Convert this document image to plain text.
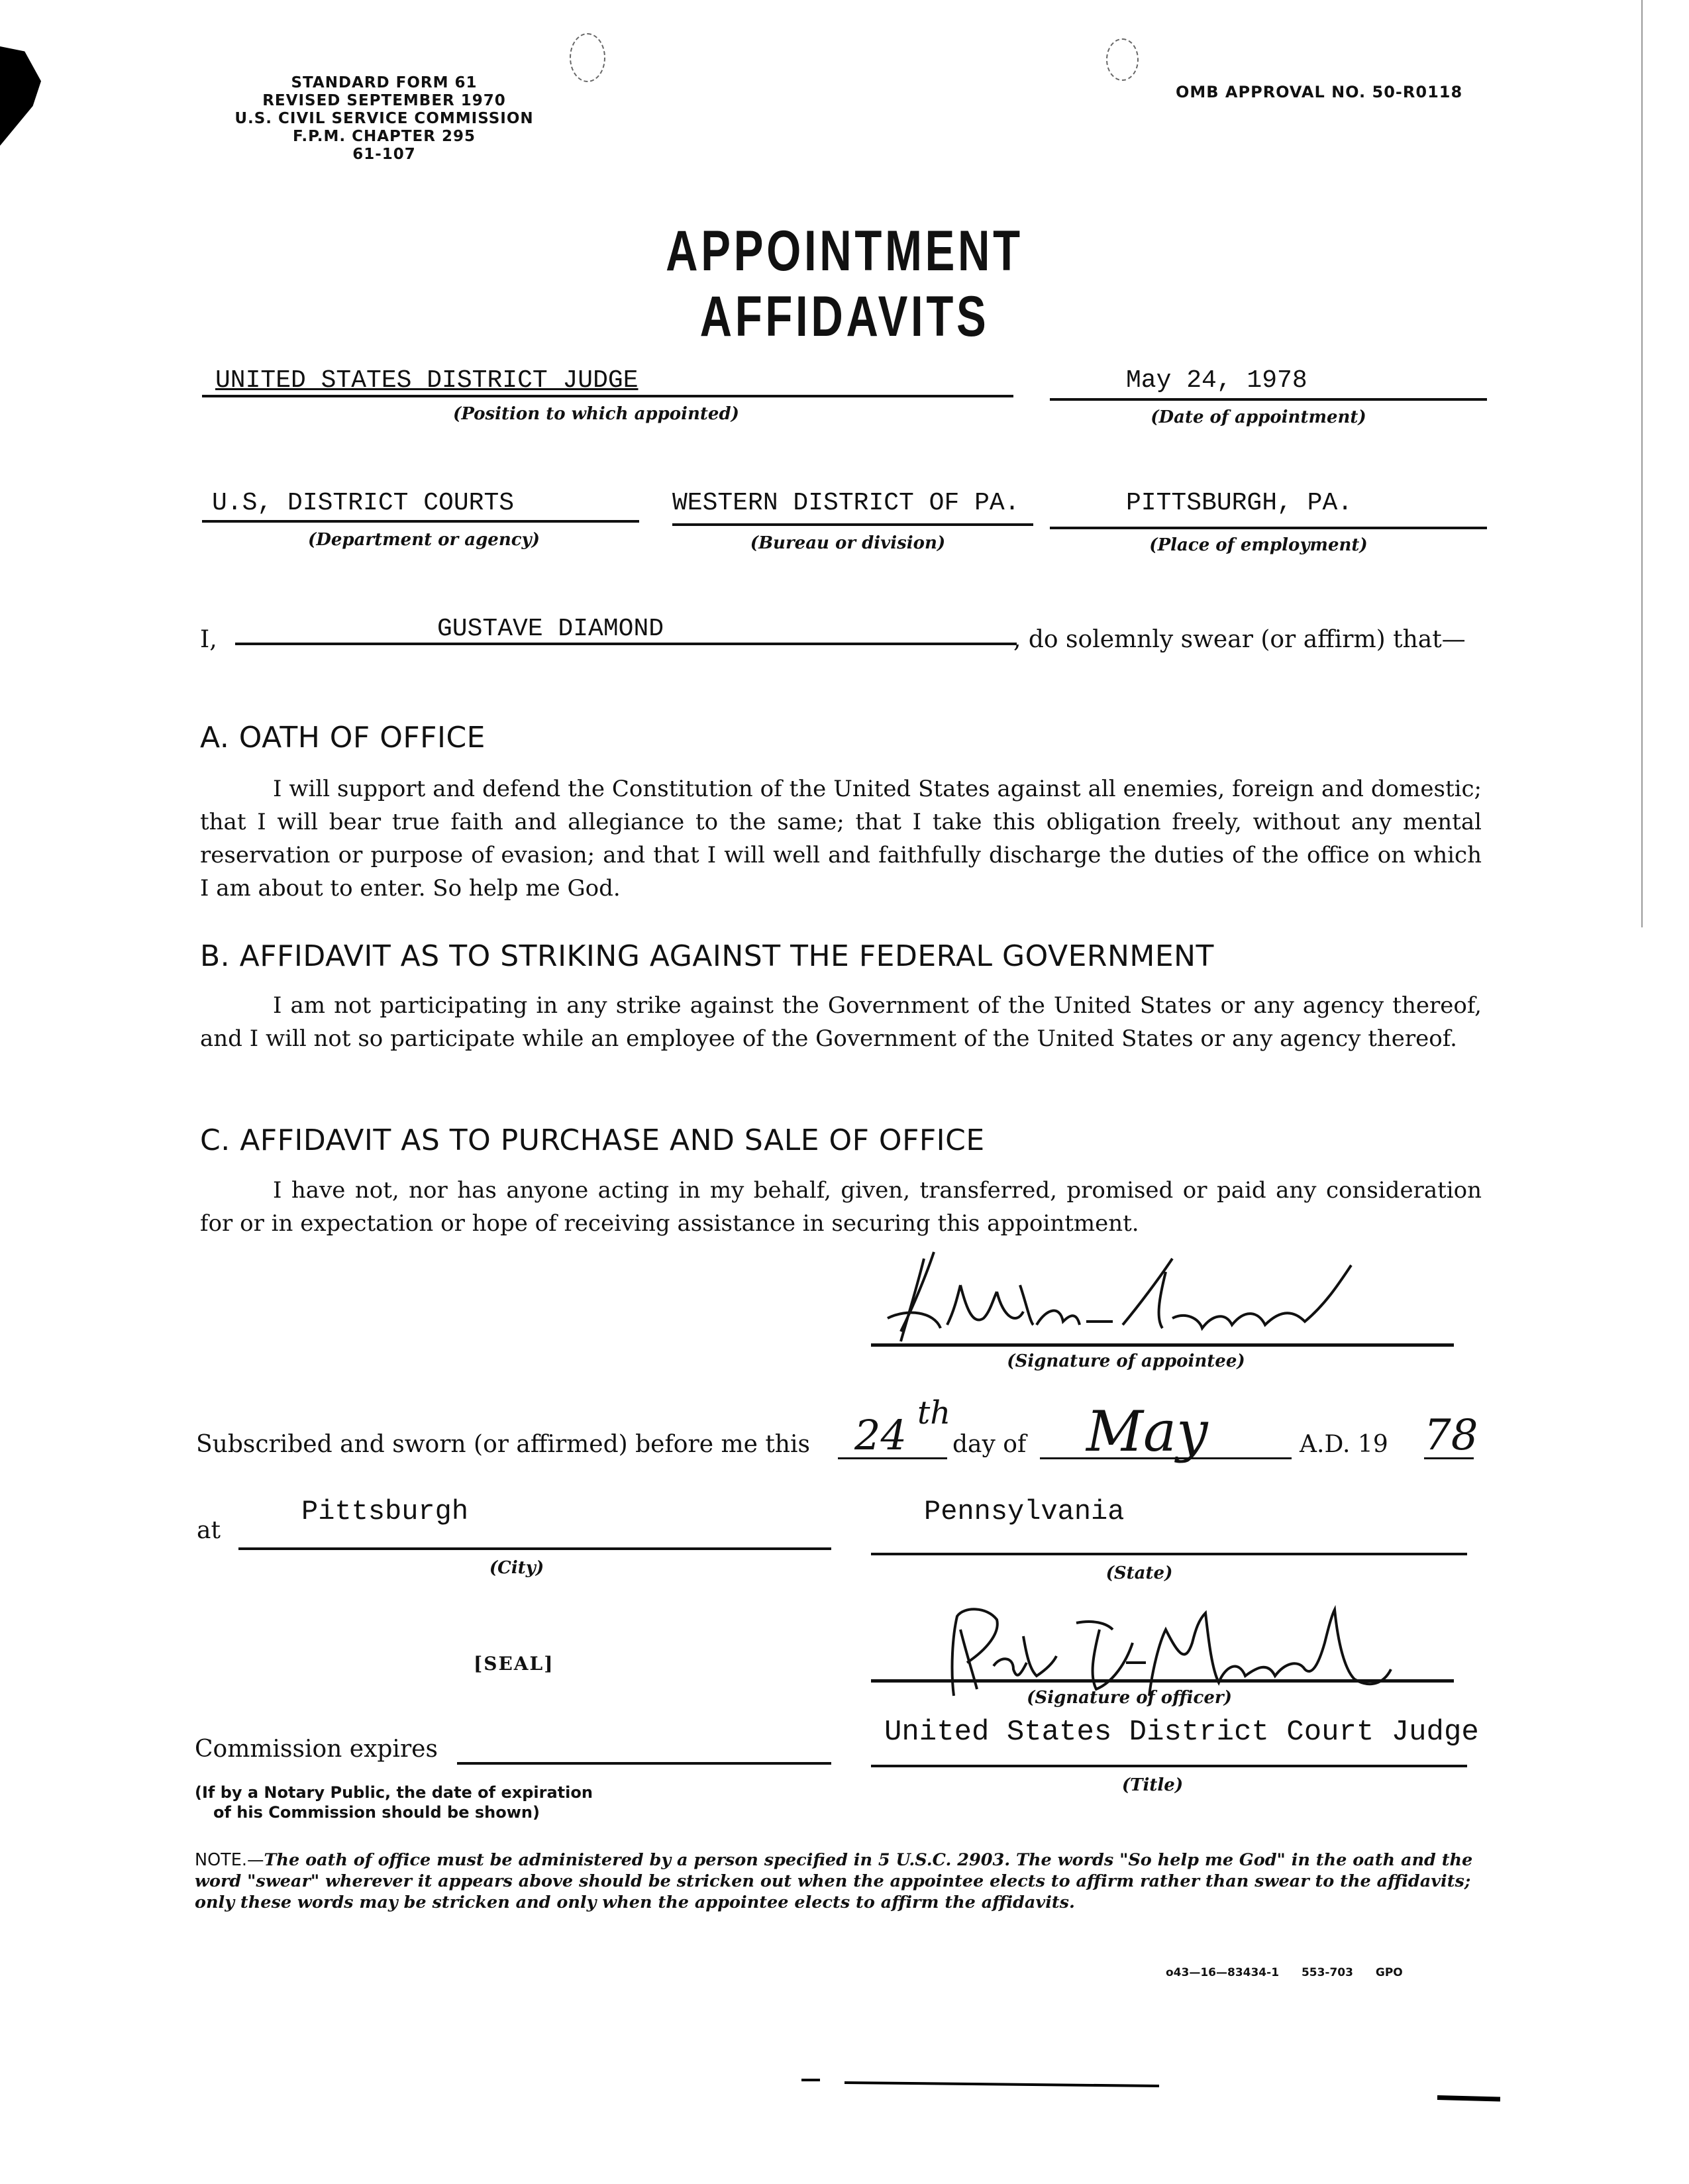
STANDARD FORM 61
REVISED SEPTEMBER 1970
U.S. CIVIL SERVICE COMMISSION
F.P.M. CHAPTER 295
61-107
OMB APPROVAL NO. 50-R0118
APPOINTMENT AFFIDAVITS
UNITED STATES DISTRICT JUDGE
(Position to which appointed)
May 24, 1978
(Date of appointment)
U.S, DISTRICT COURTS
(Department or agency)
WESTERN DISTRICT OF PA.
(Bureau or division)
PITTSBURGH, PA.
(Place of employment)
I,	GUSTAVE DIAMOND	, do solemnly swear (or affirm) that—
A. OATH OF OFFICE
I will support and defend the Constitution of the United States against all enemies, foreign and domestic; that I will bear true faith and allegiance to the same; that I take this obligation freely, without any mental reservation or purpose of evasion; and that I will well and faithfully discharge the duties of the office on which I am about to enter. So help me God.
B. AFFIDAVIT AS TO STRIKING AGAINST THE FEDERAL GOVERNMENT
I am not participating in any strike against the Government of the United States or any agency thereof, and I will not so participate while an employee of the Government of the United States or any agency thereof.
C. AFFIDAVIT AS TO PURCHASE AND SALE OF OFFICE
I have not, nor has anyone acting in my behalf, given, transferred, promised or paid any consideration for or in expectation or hope of receiving assistance in securing this appointment.
(Signature of appointee)
Subscribed and sworn (or affirmed) before me this 24 th
day of May	A.D. 19 78
at
Pittsburgh
(City)
Pennsylvania
(State)
[SEAL]
(Signature of officer)
Commission expires
(If by a Notary Public, the date of expiration
of his Commission should be shown)
United States District Court Judge
(Title)
NOTE.—The oath of office must be administered by a person specified in 5 U.S.C. 2903. The words "So help me God" in the oath and the word "swear" wherever it appears above should be stricken out when the appointee elects to affirm rather than swear to the affidavits; only these words may be stricken and only when the appointee elects to affirm the affidavits.
o43—16—83434-1 553-703 GPO
